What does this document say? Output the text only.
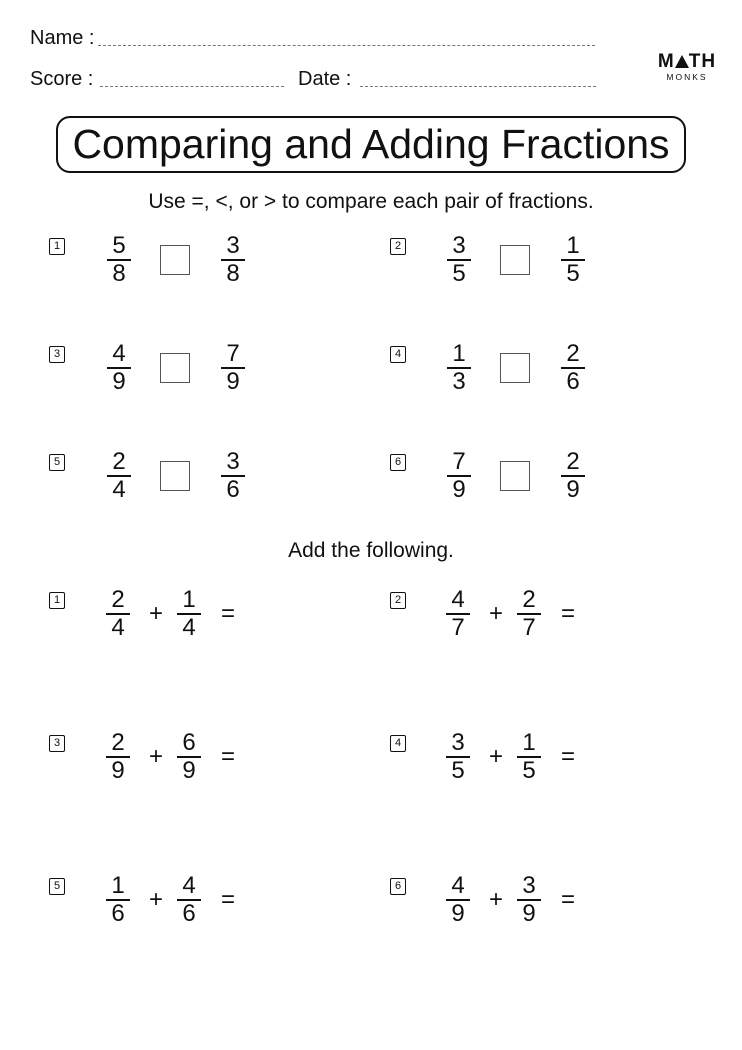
Name :
Score :	Date :
M TH
MONKS
Comparing and Adding Fractions
Use =, <, or > to compare each pair of fractions.
$1 \frac{5}{8}$	$\frac{3}{8}$	$2 \frac{3}{5}$	$\frac{1}{5}$
$3 \frac{4}{9}$	$\frac{7}{9}$	$4 \frac{1}{3}$	$\frac{2}{6}$
$5 \frac{2}{4}$	$\frac{3}{6}$	$6 \frac{7}{9}$	$\frac{2}{9}$
Add the following.
$1 \frac{2}{4} + \frac{1}{4}$ =	$2 \frac{4}{7} + \frac{2}{7}$ =
$3 \frac{2}{9} + \frac{6}{9}$ =	$4 \frac{3}{5} + \frac{1}{5}$ =
$5 \frac{1}{6} + \frac{4}{6}$ =	$6 \frac{4}{9} + \frac{3}{9}$ =
